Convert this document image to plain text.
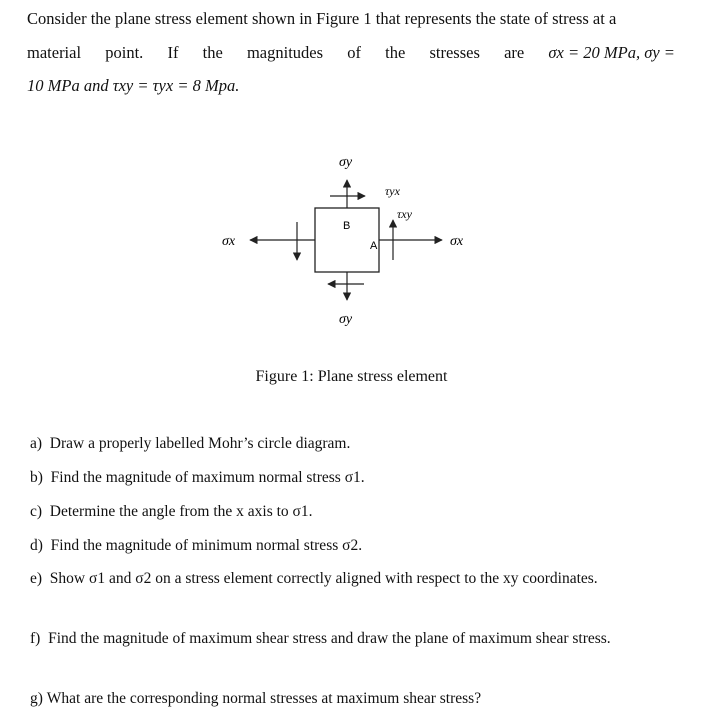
Consider the plane stress element shown in Figure 1 that represents the state of stress at a
material point. If the magnitudes of the stresses are σx = 20 MPa, σy =
10 MPa and τxy = τyx = 8 Mpa.
σy
σy
σx	σx
τyx
τxy
B
A
Figure 1: Plane stress element
a) Draw a properly labelled Mohr’s circle diagram.
b) Find the magnitude of maximum normal stress σ1.
c) Determine the angle from the x axis to σ1.
d) Find the magnitude of minimum normal stress σ2.
e) Show σ1 and σ2 on a stress element correctly aligned with respect to the xy coordinates.
f) Find the magnitude of maximum shear stress and draw the plane of maximum shear stress.
g) What are the corresponding normal stresses at maximum shear stress?
